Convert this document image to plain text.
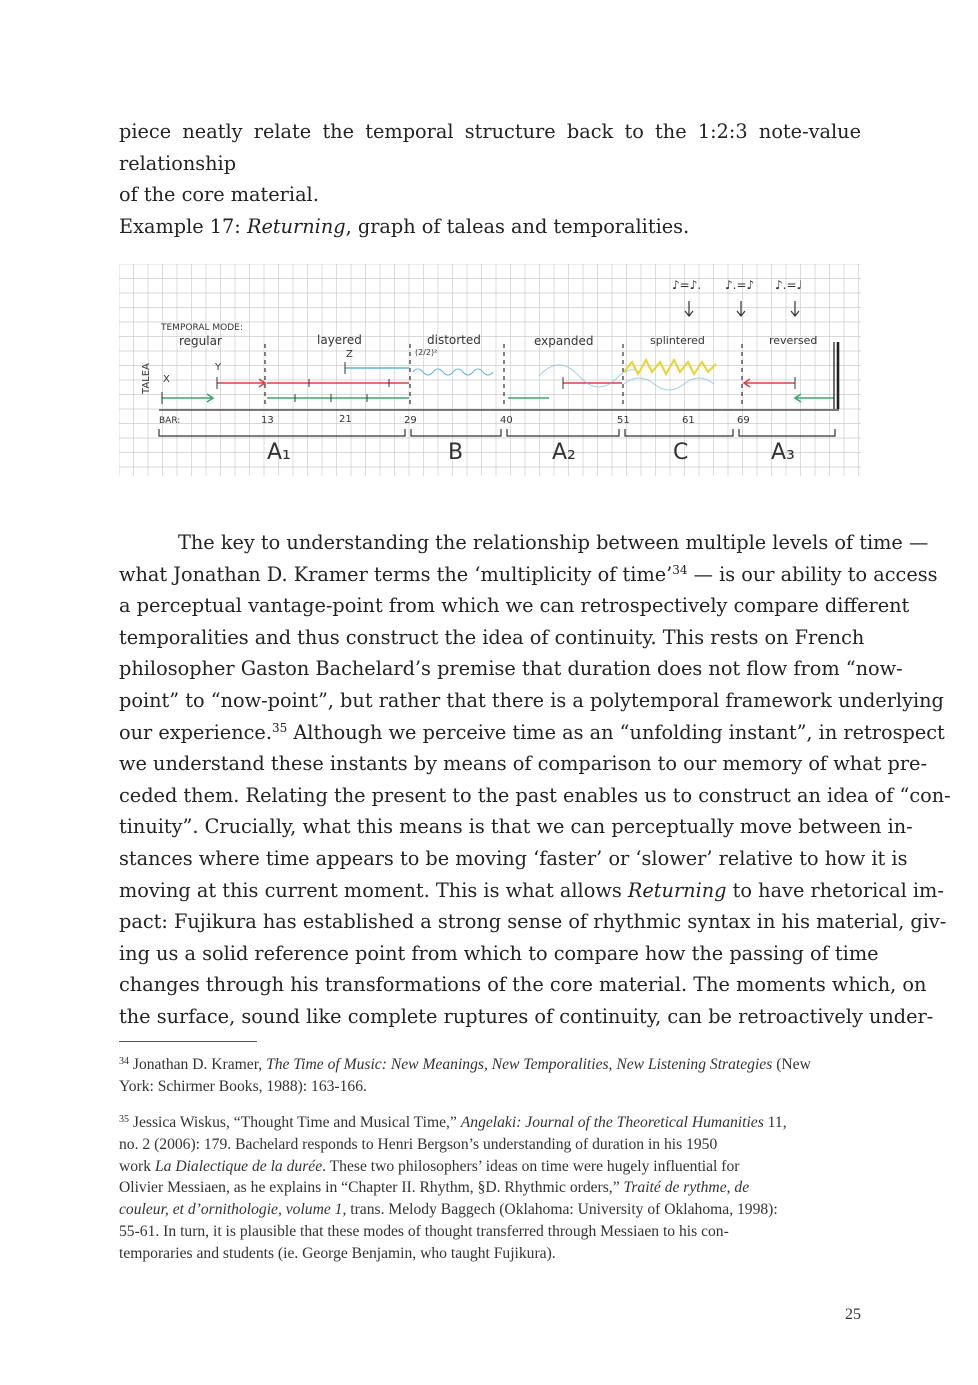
piece neatly relate the temporal structure back to the 1:2:3 note-value relationship
of the core material.
Example 17: Returning, graph of taleas and temporalities.
TEMPORAL MODE:
regular	layered	distorted
(2/2)²
expanded	splintered	reversed
TALEA X
Y
Z
♪=♪. ♪.=♪ ♪.=♩
BAR:	13	21	29	40	51	61	69
A₁	B	A₂	C	A₃
The key to understanding the relationship between multiple levels of time —
what Jonathan D. Kramer terms the ‘multiplicity of time’$^{34}$ — is our ability to access
a perceptual vantage-point from which we can retrospectively compare different
temporalities and thus construct the idea of continuity. This rests on French
philosopher Gaston Bachelard’s premise that duration does not flow from “now-
point” to “now-point”, but rather that there is a polytemporal framework underlying
our experience.$^{35}$ Although we perceive time as an “unfolding instant”, in retrospect
we understand these instants by means of comparison to our memory of what pre-
ceded them. Relating the present to the past enables us to construct an idea of “con-
tinuity”. Crucially, what this means is that we can perceptually move between in-
stances where time appears to be moving ‘faster’ or ‘slower’ relative to how it is
moving at this current moment. This is what allows Returning to have rhetorical im-
pact: Fujikura has established a strong sense of rhythmic syntax in his material, giv-
ing us a solid reference point from which to compare how the passing of time
changes through his transformations of the core material. The moments which, on
the surface, sound like complete ruptures of continuity, can be retroactively under-
$^{34}$ Jonathan D. Kramer, The Time of Music: New Meanings, New Temporalities, New Listening Strategies (New
York: Schirmer Books, 1988): 163-166.
$^{35}$ Jessica Wiskus, “Thought Time and Musical Time,” Angelaki: Journal of the Theoretical Humanities 11,
no. 2 (2006): 179. Bachelard responds to Henri Bergson’s understanding of duration in his 1950
work La Dialectique de la durée. These two philosophers’ ideas on time were hugely influential for
Olivier Messiaen, as he explains in “Chapter II. Rhythm, §D. Rhythmic orders,” Traité de rythme, de
couleur, et d’ornithologie, volume 1, trans. Melody Baggech (Oklahoma: University of Oklahoma, 1998):
55-61. In turn, it is plausible that these modes of thought transferred through Messiaen to his con-
temporaries and students (ie. George Benjamin, who taught Fujikura).
25
